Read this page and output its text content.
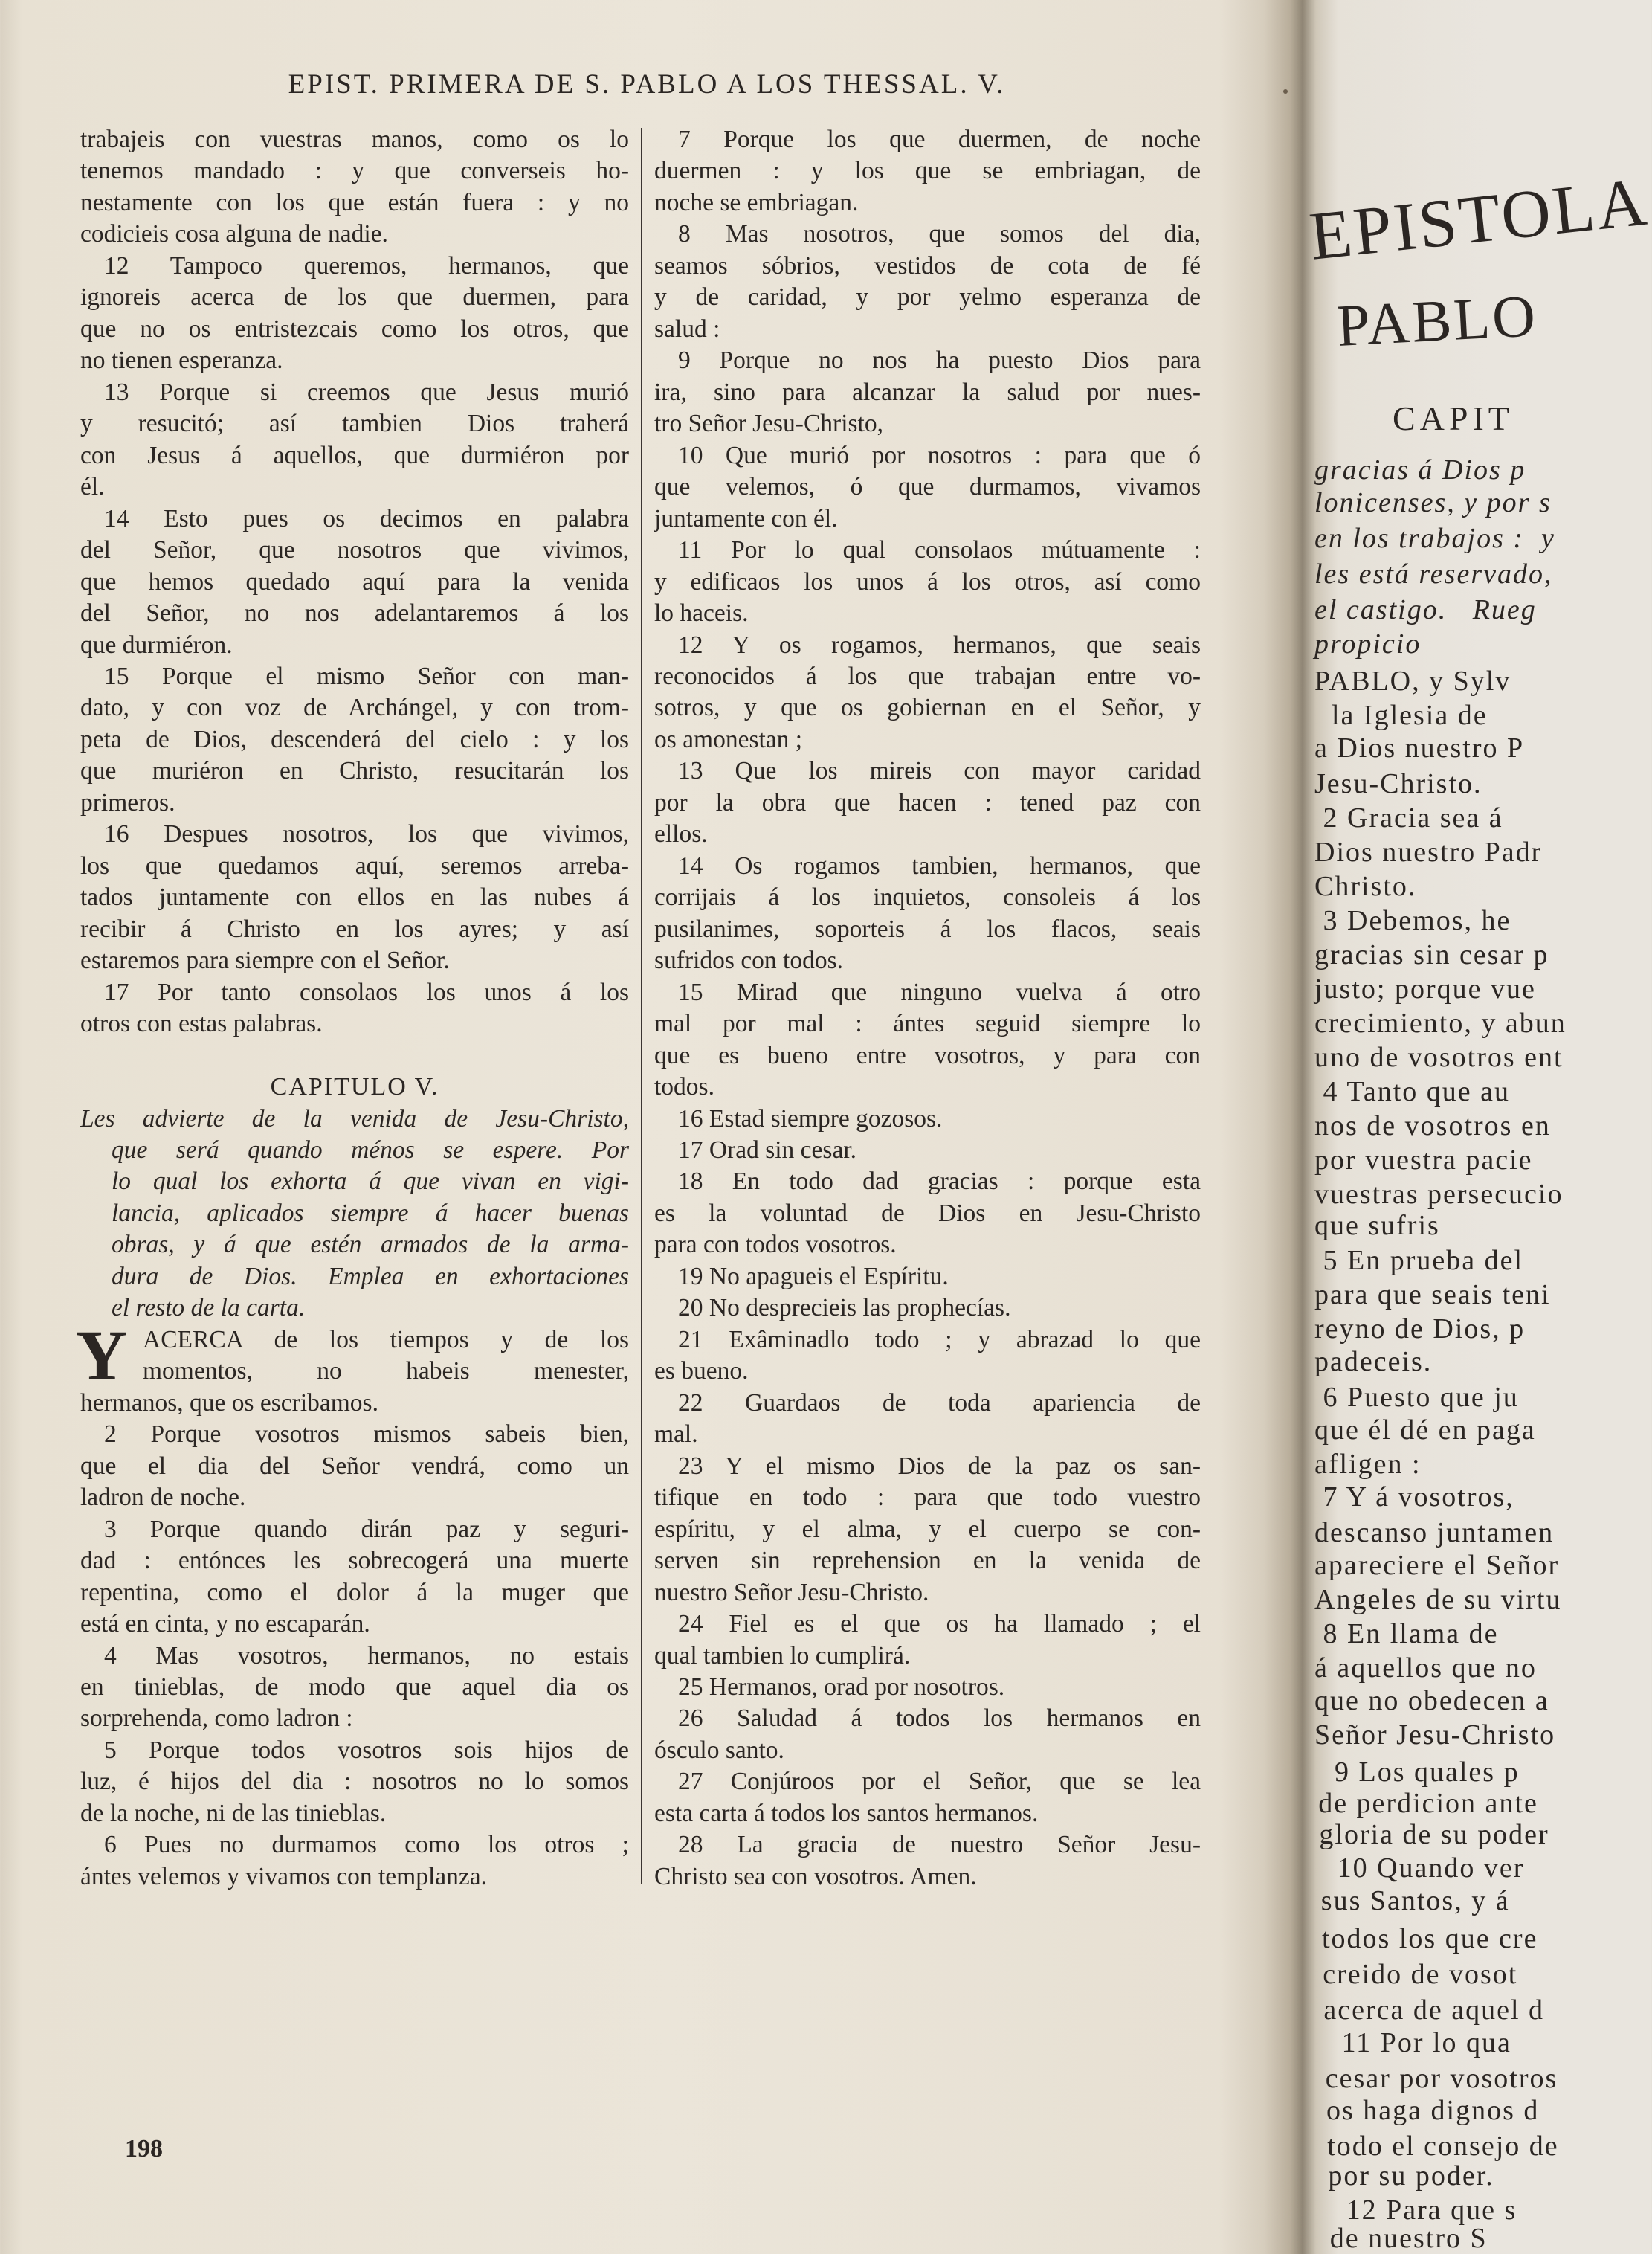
EPIST. PRIMERA DE S. PABLO A LOS THESSAL. V.
trabajeis con vuestras manos, como os lo
tenemos mandado : y que converseis ho-
nestamente con los que están fuera : y no
codicieis cosa alguna de nadie.
12 Tampoco queremos, hermanos, que
ignoreis acerca de los que duermen, para
que no os entristezcais como los otros, que
no tienen esperanza.
13 Porque si creemos que Jesus murió
y resucitó; así tambien Dios traherá
con Jesus á aquellos, que durmiéron por
él.
14 Esto pues os decimos en palabra
del Señor, que nosotros que vivimos,
que hemos quedado aquí para la venida
del Señor, no nos adelantaremos á los
que durmiéron.
15 Porque el mismo Señor con man-
dato, y con voz de Archángel, y con trom-
peta de Dios, descenderá del cielo : y los
que muriéron en Christo, resucitarán los
primeros.
16 Despues nosotros, los que vivimos,
los que quedamos aquí, seremos arreba-
tados juntamente con ellos en las nubes á
recibir á Christo en los ayres; y así
estaremos para siempre con el Señor.
17 Por tanto consolaos los unos á los
otros con estas palabras.
CAPITULO V.
Les advierte de la venida de Jesu-Christo,
que será quando ménos se espere. Por
lo qual los exhorta á que vivan en vigi-
lancia, aplicados siempre á hacer buenas
obras, y á que estén armados de la arma-
dura de Dios. Emplea en exhortaciones
el resto de la carta.
Y ACERCA de los tiempos y de los
momentos, no habeis menester,
hermanos, que os escribamos.
2 Porque vosotros mismos sabeis bien,
que el dia del Señor vendrá, como un
ladron de noche.
3 Porque quando dirán paz y seguri-
dad : entónces les sobrecogerá una muerte
repentina, como el dolor á la muger que
está en cinta, y no escaparán.
4 Mas vosotros, hermanos, no estais
en tinieblas, de modo que aquel dia os
sorprehenda, como ladron :
5 Porque todos vosotros sois hijos de
luz, é hijos del dia : nosotros no lo somos
de la noche, ni de las tinieblas.
6 Pues no durmamos como los otros ;
ántes velemos y vivamos con templanza.
7 Porque los que duermen, de noche
duermen : y los que se embriagan, de
noche se embriagan.
8 Mas nosotros, que somos del dia,
seamos sóbrios, vestidos de cota de fé
y de caridad, y por yelmo esperanza de
salud :
9 Porque no nos ha puesto Dios para
ira, sino para alcanzar la salud por nues-
tro Señor Jesu-Christo,
10 Que murió por nosotros : para que ó
que velemos, ó que durmamos, vivamos
juntamente con él.
11 Por lo qual consolaos mútuamente :
y edificaos los unos á los otros, así como
lo haceis.
12 Y os rogamos, hermanos, que seais
reconocidos á los que trabajan entre vo-
sotros, y que os gobiernan en el Señor, y
os amonestan ;
13 Que los mireis con mayor caridad
por la obra que hacen : tened paz con
ellos.
14 Os rogamos tambien, hermanos, que
corrijais á los inquietos, consoleis á los
pusilanimes, soporteis á los flacos, seais
sufridos con todos.
15 Mirad que ninguno vuelva á otro
mal por mal : ántes seguid siempre lo
que es bueno entre vosotros, y para con
todos.
16 Estad siempre gozosos.
17 Orad sin cesar.
18 En todo dad gracias : porque esta
es la voluntad de Dios en Jesu-Christo
para con todos vosotros.
19 No apagueis el Espíritu.
20 No desprecieis las prophecías.
21 Exâminadlo todo ; y abrazad lo que
es bueno.
22 Guardaos de toda apariencia de
mal.
23 Y el mismo Dios de la paz os san-
tifique en todo : para que todo vuestro
espíritu, y el alma, y el cuerpo se con-
serven sin reprehension en la venida de
nuestro Señor Jesu-Christo.
24 Fiel es el que os ha llamado ; el
qual tambien lo cumplirá.
25 Hermanos, orad por nosotros.
26 Saludad á todos los hermanos en
ósculo santo.
27 Conjúroos por el Señor, que se lea
esta carta á todos los santos hermanos.
28 La gracia de nuestro Señor Jesu-
Christo sea con vosotros. Amen.
198
EPISTOLA
PABLO
CAPIT
gracias á Dios p
lonicenses, y por s
en los trabajos :  y
les está reservado,
el castigo.   Rueg
propicio
PABLO, y Sylv
la Iglesia de
a Dios nuestro P
Jesu-Christo.
2 Gracia sea á
Dios nuestro Padr
Christo.
3 Debemos, he
gracias sin cesar p
justo; porque vue
crecimiento, y abun
uno de vosotros ent
4 Tanto que au
nos de vosotros en
por vuestra pacie
vuestras persecucio
que sufris
5 En prueba del
para que seais teni
reyno de Dios, p
padeceis.
6 Puesto que ju
que él dé en paga
afligen :
7 Y á vosotros,
descanso juntamen
apareciere el Señor
Angeles de su virtu
8 En llama de
á aquellos que no
que no obedecen a
Señor Jesu-Christo
9 Los quales p
de perdicion ante
gloria de su poder
10 Quando ver
sus Santos, y á
todos los que cre
creido de vosot
acerca de aquel d
11 Por lo qua
cesar por vosotros
os haga dignos d
todo el consejo de
por su poder.
12 Para que s
de nuestro S
